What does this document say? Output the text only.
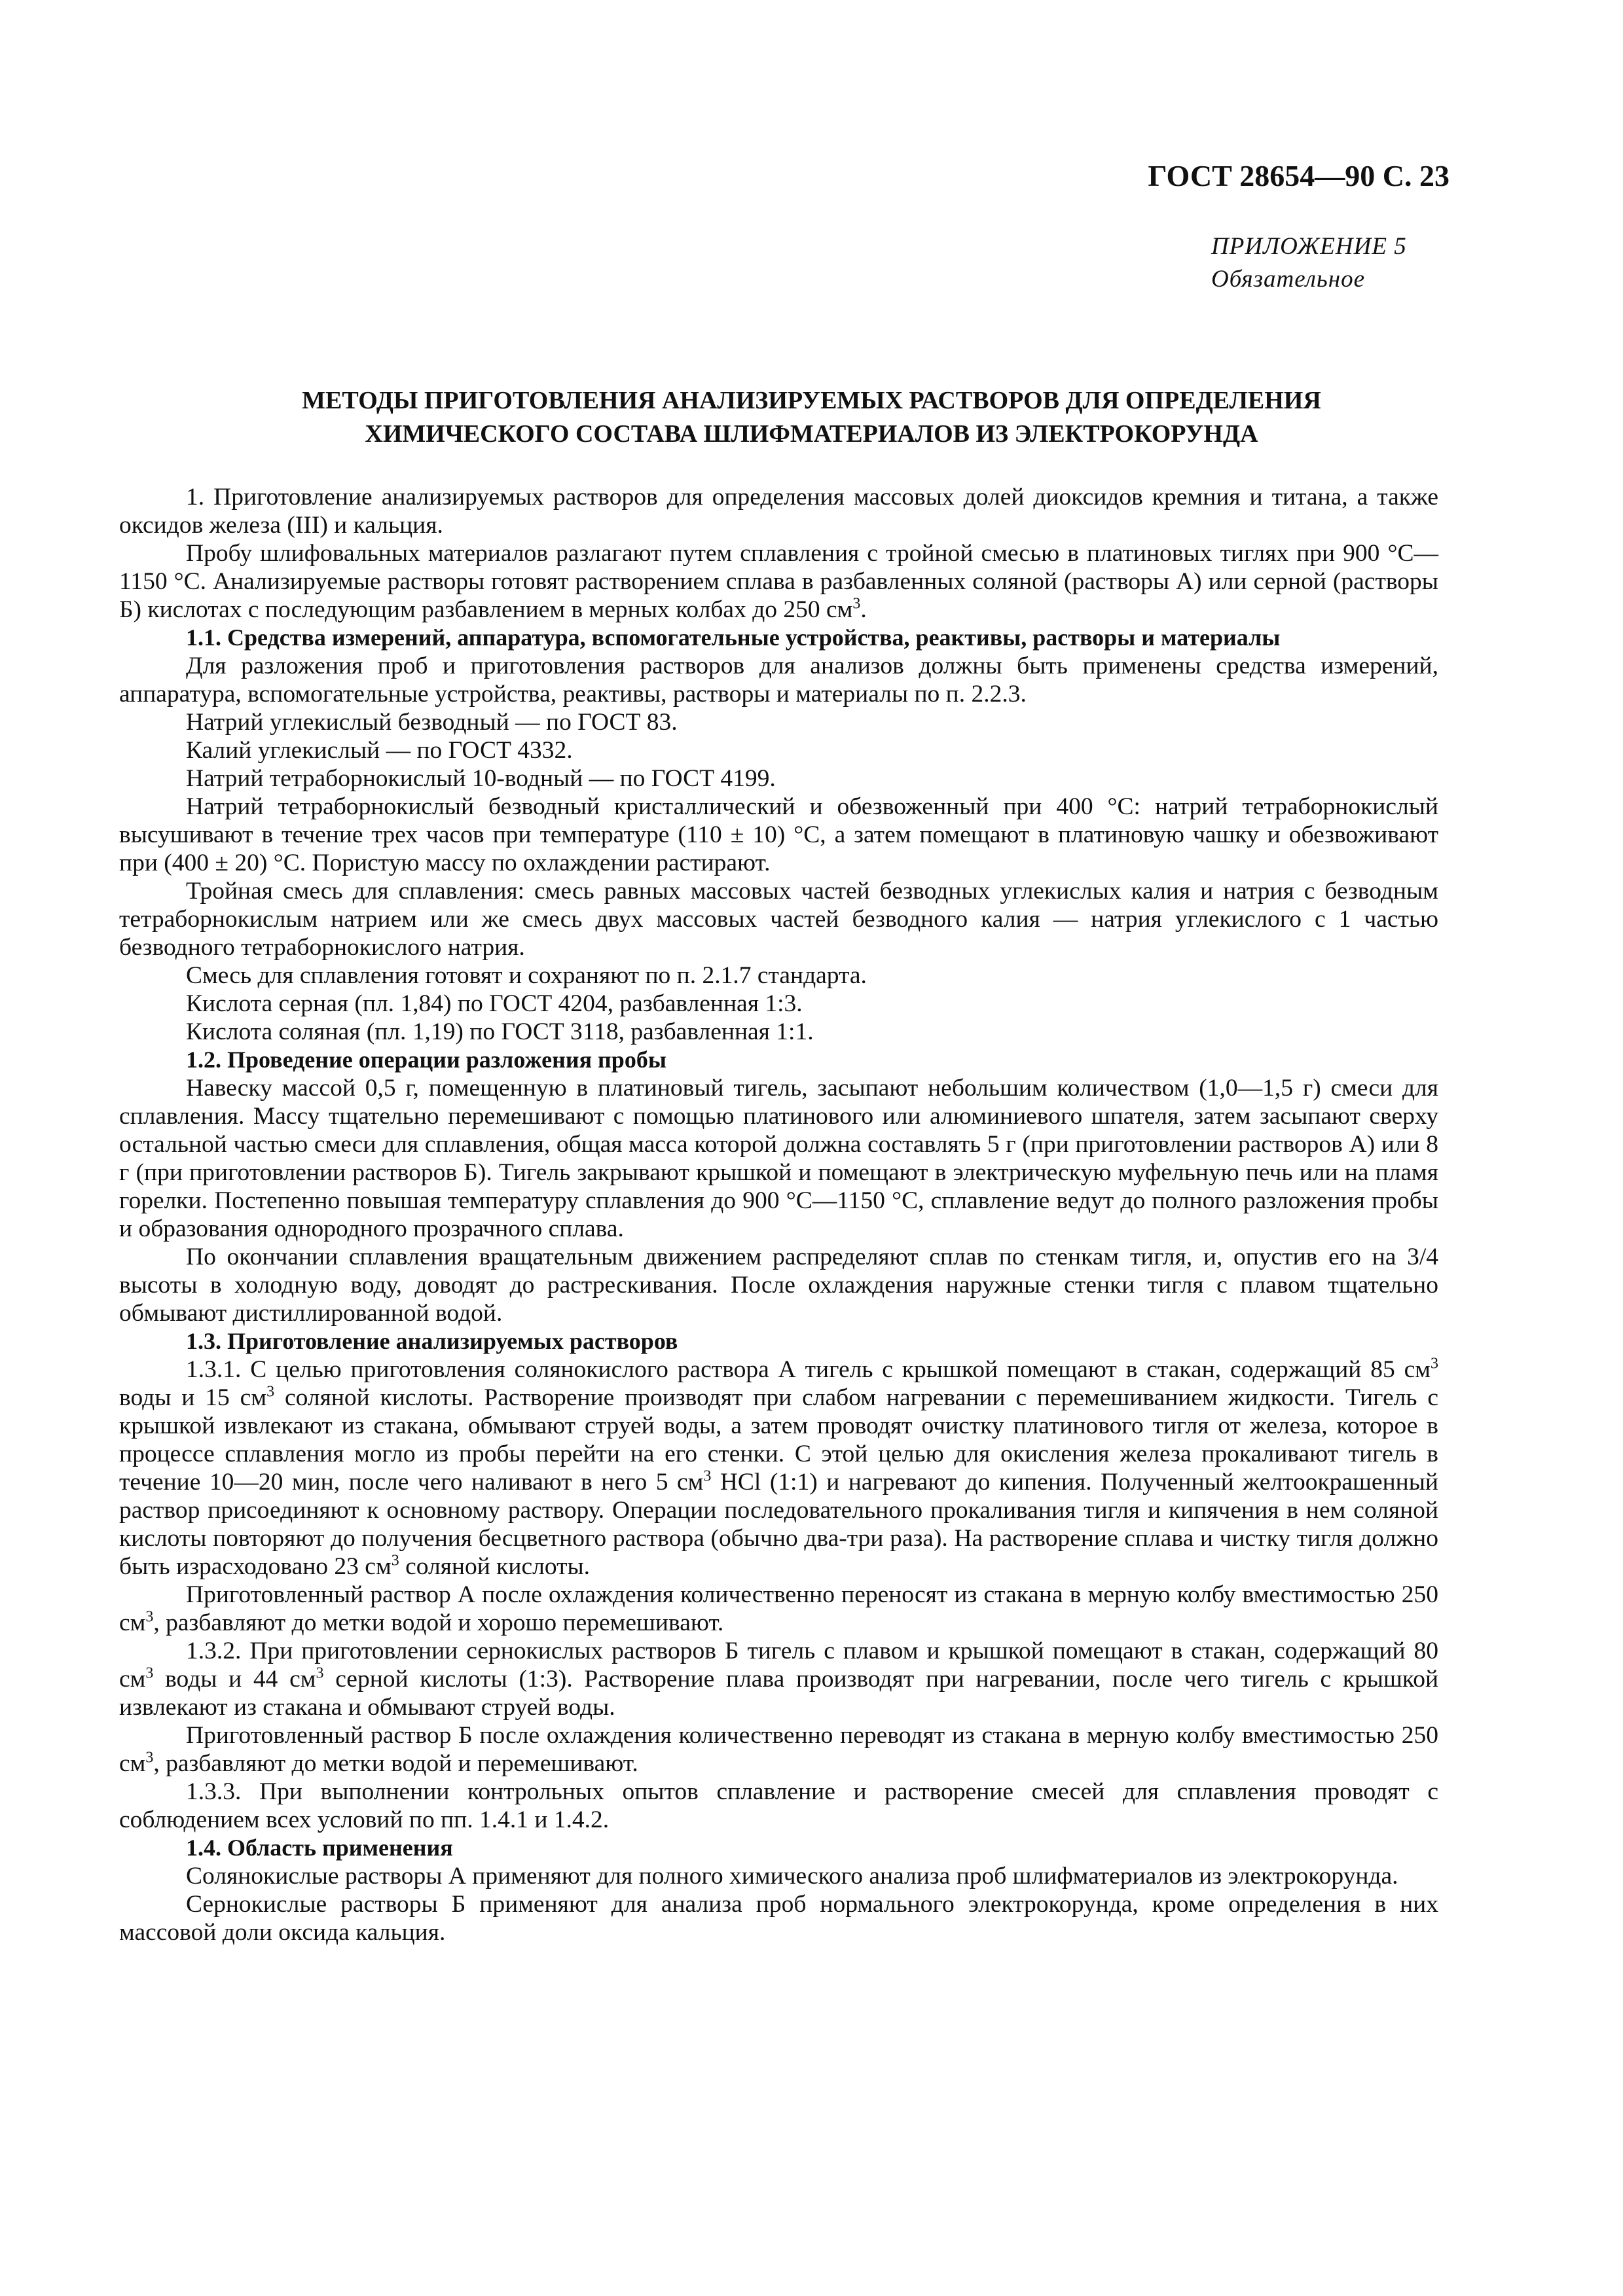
ГОСТ 28654—90 С. 23
ПРИЛОЖЕНИЕ 5
Обязательное
МЕТОДЫ ПРИГОТОВЛЕНИЯ АНАЛИЗИРУЕМЫХ РАСТВОРОВ ДЛЯ ОПРЕДЕЛЕНИЯ
ХИМИЧЕСКОГО СОСТАВА ШЛИФМАТЕРИАЛОВ ИЗ ЭЛЕКТРОКОРУНДА

1. Приготовление анализируемых растворов для определения массовых долей диоксидов кремния и титана, а также оксидов железа (III) и кальция.

Пробу шлифовальных материалов разлагают путем сплавления с тройной смесью в платиновых тиглях при 900 °С—1150 °С. Анализируемые растворы готовят растворением сплава в разбавленных соляной (растворы А) или серной (растворы Б) кислотах с последующим разбавлением в мерных колбах до 250 $см^3$.

1.1. Средства измерений, аппаратура, вспомогательные устройства, реактивы, растворы и материалы

Для разложения проб и приготовления растворов для анализов должны быть применены средства измерений, аппаратура, вспомогательные устройства, реактивы, растворы и материалы по п. 2.2.3.

Натрий углекислый безводный — по ГОСТ 83.

Калий углекислый — по ГОСТ 4332.

Натрий тетраборнокислый 10-водный — по ГОСТ 4199.

Натрий тетраборнокислый безводный кристаллический и обезвоженный при 400 °С: натрий тетраборнокислый высушивают в течение трех часов при температуре (110 ± 10) °С, а затем помещают в платиновую чашку и обезвоживают при (400 ± 20) °С. Пористую массу по охлаждении растирают.

Тройная смесь для сплавления: смесь равных массовых частей безводных углекислых калия и натрия с безводным тетраборнокислым натрием или же смесь двух массовых частей безводного калия — натрия углекислого с 1 частью безводного тетраборнокислого натрия.

Смесь для сплавления готовят и сохраняют по п. 2.1.7 стандарта.

Кислота серная (пл. 1,84) по ГОСТ 4204, разбавленная 1:3.

Кислота соляная (пл. 1,19) по ГОСТ 3118, разбавленная 1:1.

1.2. Проведение операции разложения пробы

Навеску массой 0,5 г, помещенную в платиновый тигель, засыпают небольшим количеством (1,0—1,5 г) смеси для сплавления. Массу тщательно перемешивают с помощью платинового или алюминиевого шпателя, затем засыпают сверху остальной частью смеси для сплавления, общая масса которой должна составлять 5 г (при приготовлении растворов А) или 8 г (при приготовлении растворов Б). Тигель закрывают крышкой и помещают в электрическую муфельную печь или на пламя горелки. Постепенно повышая температуру сплавления до 900 °С—1150 °С, сплавление ведут до полного разложения пробы и образования однородного прозрачного сплава.

По окончании сплавления вращательным движением распределяют сплав по стенкам тигля, и, опустив его на 3/4 высоты в холодную воду, доводят до растрескивания. После охлаждения наружные стенки тигля с плавом тщательно обмывают дистиллированной водой.

1.3. Приготовление анализируемых растворов

1.3.1. С целью приготовления солянокислого раствора А тигель с крышкой помещают в стакан, содержащий 85 $см^3$ воды и 15 $см^3$ соляной кислоты. Растворение производят при слабом нагревании с перемешиванием жидкости. Тигель с крышкой извлекают из стакана, обмывают струей воды, а затем проводят очистку платинового тигля от железа, которое в процессе сплавления могло из пробы перейти на его стенки. С этой целью для окисления железа прокаливают тигель в течение 10—20 мин, после чего наливают в него 5 $см^3$ HCl (1:1) и нагревают до кипения. Полученный желтоокрашенный раствор присоединяют к основному раствору. Операции последовательного прокаливания тигля и кипячения в нем соляной кислоты повторяют до получения бесцветного раствора (обычно два-три раза). На растворение сплава и чистку тигля должно быть израсходовано 23 $см^3$ соляной кислоты.

Приготовленный раствор А после охлаждения количественно переносят из стакана в мерную колбу вместимостью 250 $см^3$, разбавляют до метки водой и хорошо перемешивают.

1.3.2. При приготовлении сернокислых растворов Б тигель с плавом и крышкой помещают в стакан, содержащий 80 $см^3$ воды и 44 $см^3$ серной кислоты (1:3). Растворение плава производят при нагревании, после чего тигель с крышкой извлекают из стакана и обмывают струей воды.

Приготовленный раствор Б после охлаждения количественно переводят из стакана в мерную колбу вместимостью 250 $см^3$, разбавляют до метки водой и перемешивают.

1.3.3. При выполнении контрольных опытов сплавление и растворение смесей для сплавления проводят с соблюдением всех условий по пп. 1.4.1 и 1.4.2.

1.4. Область применения

Солянокислые растворы А применяют для полного химического анализа проб шлифматериалов из электрокорунда.

Сернокислые растворы Б применяют для анализа проб нормального электрокорунда, кроме определения в них массовой доли оксида кальция.
